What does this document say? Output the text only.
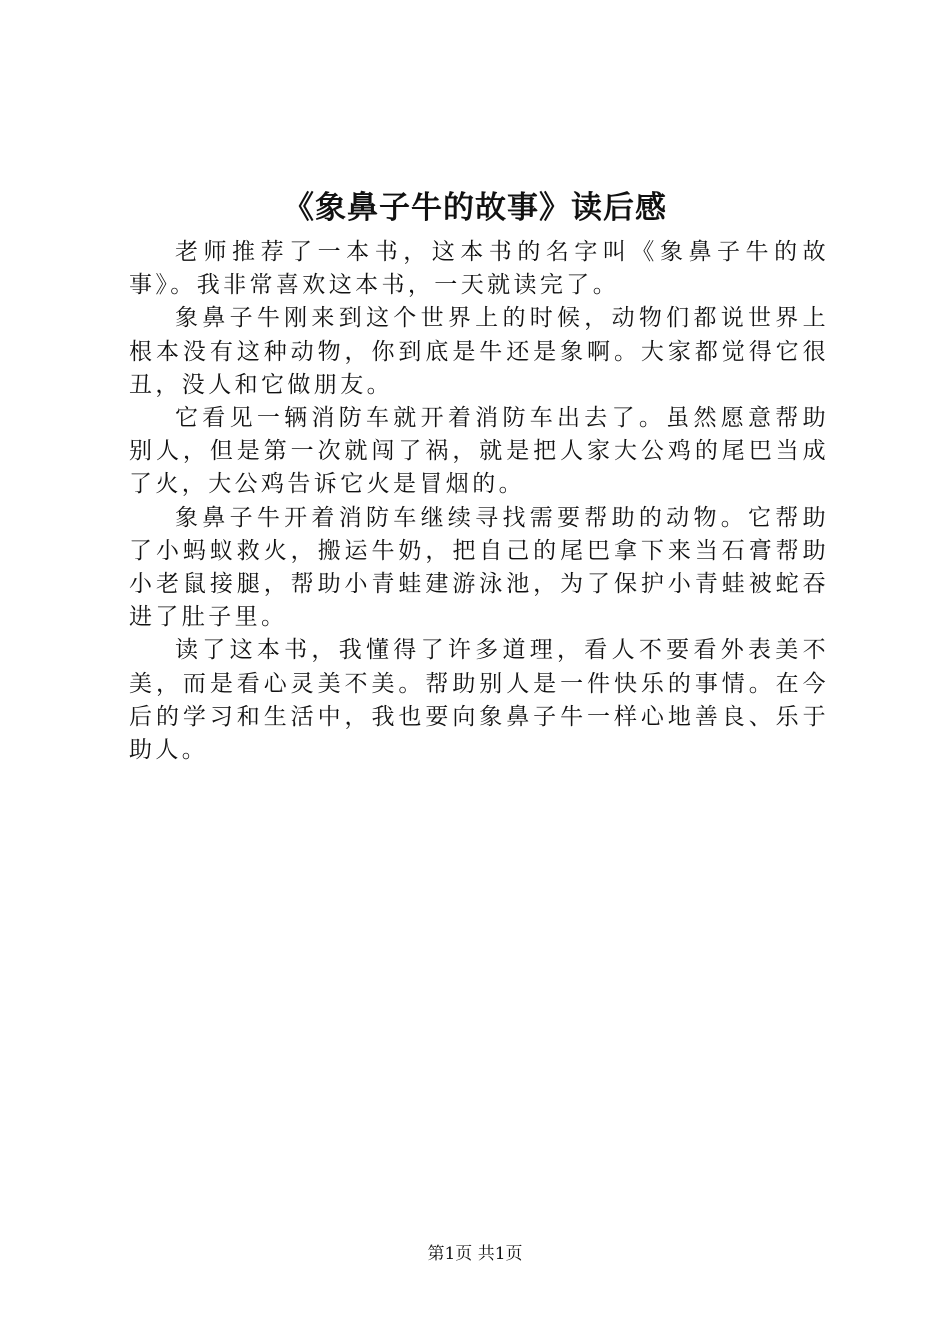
《象鼻子牛的故事》读后感

老师推荐了一本书，这本书的名字叫《象鼻子牛的故事》。我非常喜欢这本书，一天就读完了。

象鼻子牛刚来到这个世界上的时候，动物们都说世界上根本没有这种动物，你到底是牛还是象啊。大家都觉得它很丑，没人和它做朋友。

它看见一辆消防车就开着消防车出去了。虽然愿意帮助别人，但是第一次就闯了祸，就是把人家大公鸡的尾巴当成了火，大公鸡告诉它火是冒烟的。

象鼻子牛开着消防车继续寻找需要帮助的动物。它帮助了小蚂蚁救火，搬运牛奶，把自己的尾巴拿下来当石膏帮助小老鼠接腿，帮助小青蛙建游泳池，为了保护小青蛙被蛇吞进了肚子里。

读了这本书，我懂得了许多道理，看人不要看外表美不美，而是看心灵美不美。帮助别人是一件快乐的事情。在今后的学习和生活中，我也要向象鼻子牛一样心地善良、乐于助人。

第1页 共1页
